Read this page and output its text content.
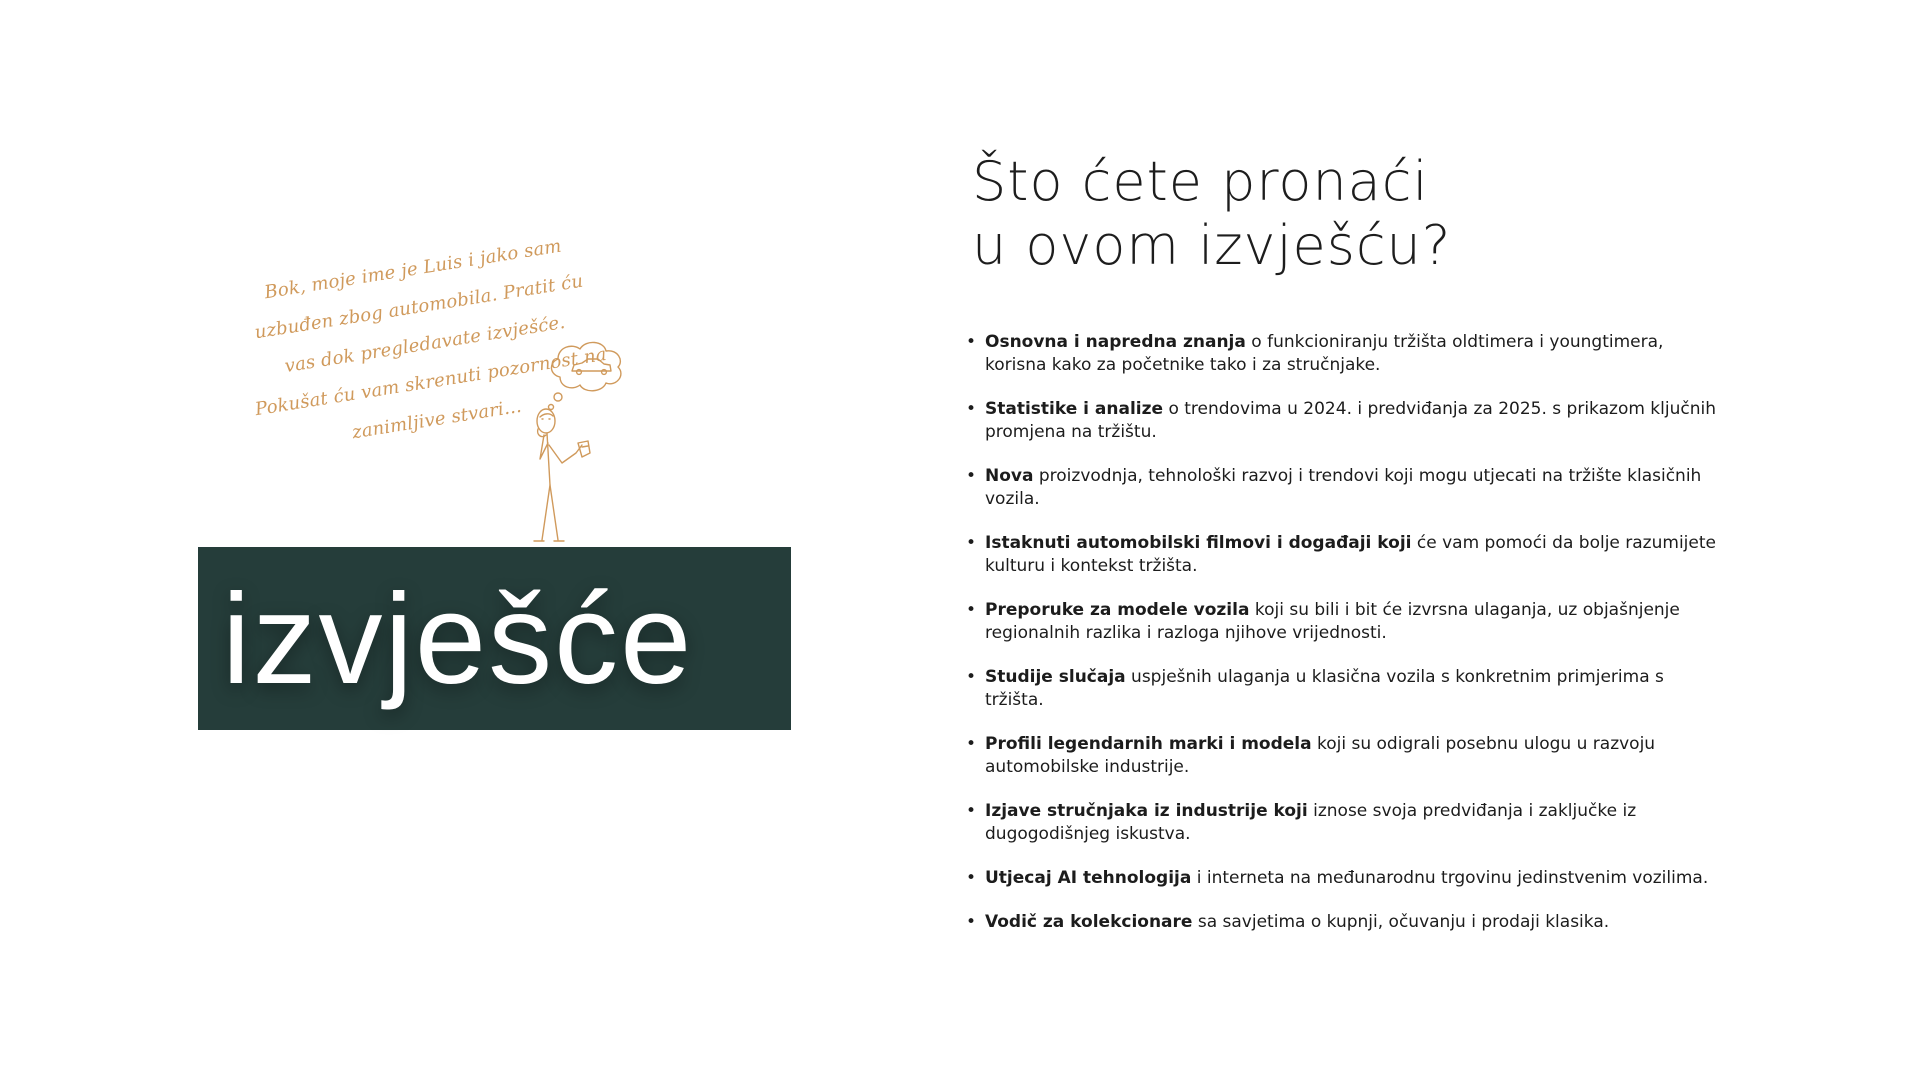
Bok, moje ime je Luis i jako sam uzbuđen zbog automobila. Pratit ću vas dok pregledavate izvješće. Pokušat ću vam skrenuti pozornost na zanimljive stvari...
izvješće
Što ćete pronaći
u ovom izvješću?
• Osnovna i napredna znanja o funkcioniranju tržišta oldtimera i youngtimera, korisna kako za početnike tako i za stručnjake.
• Statistike i analize o trendovima u 2024. i predviđanja za 2025. s prikazom ključnih promjena na tržištu.
• Nova proizvodnja, tehnološki razvoj i trendovi koji mogu utjecati na tržište klasičnih vozila.
• Istaknuti automobilski filmovi i događaji koji će vam pomoći da bolje razumijete kulturu i kontekst tržišta.
• Preporuke za modele vozila koji su bili i bit će izvrsna ulaganja, uz objašnjenje regionalnih razlika i razloga njihove vrijednosti.
• Studije slučaja uspješnih ulaganja u klasična vozila s konkretnim primjerima s tržišta.
• Profili legendarnih marki i modela koji su odigrali posebnu ulogu u razvoju automobilske industrije.
• Izjave stručnjaka iz industrije koji iznose svoja predviđanja i zaključke iz dugogodišnjeg iskustva.
• Utjecaj AI tehnologija i interneta na međunarodnu trgovinu jedinstvenim vozilima.
• Vodič za kolekcionare sa savjetima o kupnji, očuvanju i prodaji klasika.
